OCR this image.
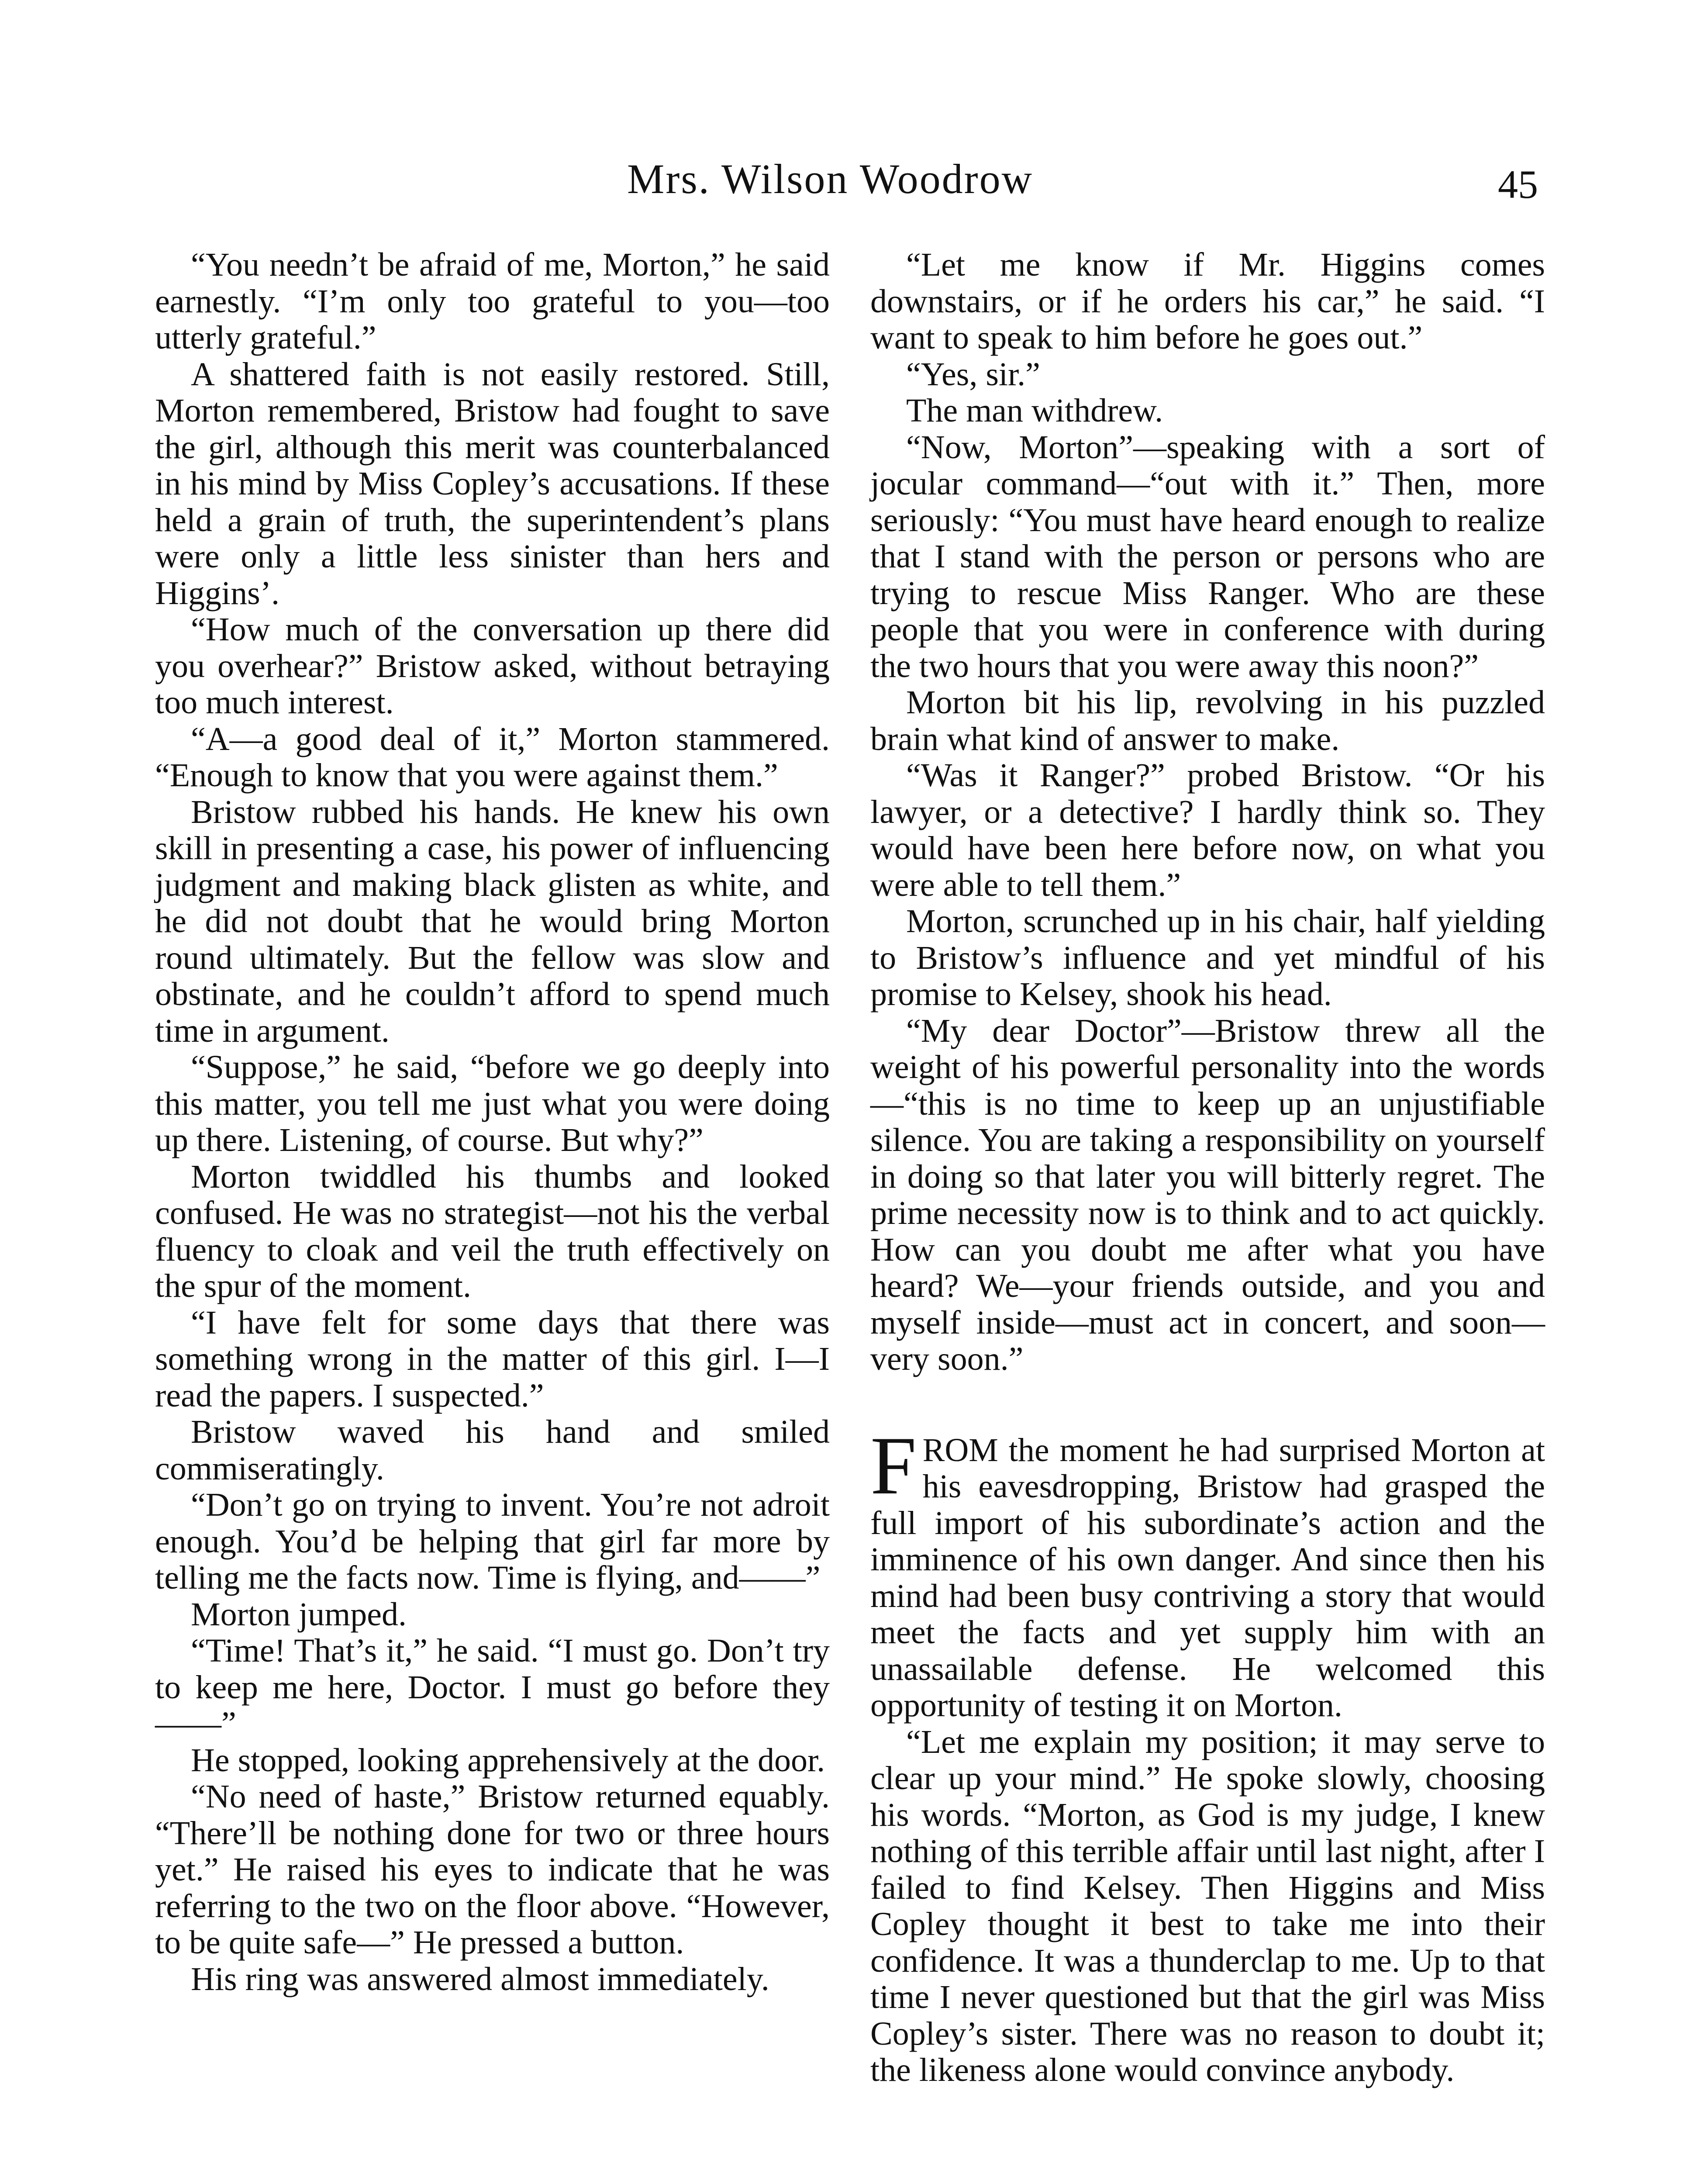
Mrs. Wilson Woodrow	45

“You needn’t be afraid of me, Morton,” he said earnestly. “I’m only too grateful to you—too utterly grateful.”

A shattered faith is not easily restored. Still, Morton remembered, Bristow had fought to save the girl, although this merit was counterbalanced in his mind by Miss Copley’s accusations. If these held a grain of truth, the superintendent’s plans were only a little less sinister than hers and Higgins’.

“How much of the conversation up there did you overhear?” Bristow asked, without betraying too much interest.

“A—a good deal of it,” Morton stammered. “Enough to know that you were against them.”

Bristow rubbed his hands. He knew his own skill in presenting a case, his power of influencing judgment and making black glisten as white, and he did not doubt that he would bring Morton round ultimately. But the fellow was slow and obstinate, and he couldn’t afford to spend much time in argument.

“Suppose,” he said, “before we go deeply into this matter, you tell me just what you were doing up there. Listening, of course. But why?”

Morton twiddled his thumbs and looked confused. He was no strategist—not his the verbal fluency to cloak and veil the truth effectively on the spur of the moment.

“I have felt for some days that there was something wrong in the matter of this girl. I—I read the papers. I suspected.”

Bristow waved his hand and smiled commiseratingly.

“Don’t go on trying to invent. You’re not adroit enough. You’d be helping that girl far more by telling me the facts now. Time is flying, and——”

Morton jumped.

“Time! That’s it,” he said. “I must go. Don’t try to keep me here, Doctor. I must go before they——”

He stopped, looking apprehensively at the door.

“No need of haste,” Bristow returned equably. “There’ll be nothing done for two or three hours yet.” He raised his eyes to indicate that he was referring to the two on the floor above. “However, to be quite safe—” He pressed a button.

His ring was answered almost immediately.

“Let me know if Mr. Higgins comes downstairs, or if he orders his car,” he said. “I want to speak to him before he goes out.”

“Yes, sir.”

The man withdrew.

“Now, Morton”—speaking with a sort of jocular command—“out with it.” Then, more seriously: “You must have heard enough to realize that I stand with the person or persons who are trying to rescue Miss Ranger. Who are these people that you were in conference with during the two hours that you were away this noon?”

Morton bit his lip, revolving in his puzzled brain what kind of answer to make.

“Was it Ranger?” probed Bristow. “Or his lawyer, or a detective? I hardly think so. They would have been here before now, on what you were able to tell them.”

Morton, scrunched up in his chair, half yielding to Bristow’s influence and yet mindful of his promise to Kelsey, shook his head.

“My dear Doctor”—Bristow threw all the weight of his powerful personality into the words—“this is no time to keep up an unjustifiable silence. You are taking a responsibility on yourself in doing so that later you will bitterly regret. The prime necessity now is to think and to act quickly. How can you doubt me after what you have heard? We—your friends outside, and you and myself inside—must act in concert, and soon—very soon.”

FROM the moment he had surprised Morton at his eavesdropping, Bristow had grasped the full import of his subordinate’s action and the imminence of his own danger. And since then his mind had been busy contriving a story that would meet the facts and yet supply him with an unassailable defense. He welcomed this opportunity of testing it on Morton.

“Let me explain my position; it may serve to clear up your mind.” He spoke slowly, choosing his words. “Morton, as God is my judge, I knew nothing of this terrible affair until last night, after I failed to find Kelsey. Then Higgins and Miss Copley thought it best to take me into their confidence. It was a thunderclap to me. Up to that time I never questioned but that the girl was Miss Copley’s sister. There was no reason to doubt it; the likeness alone would convince anybody.
